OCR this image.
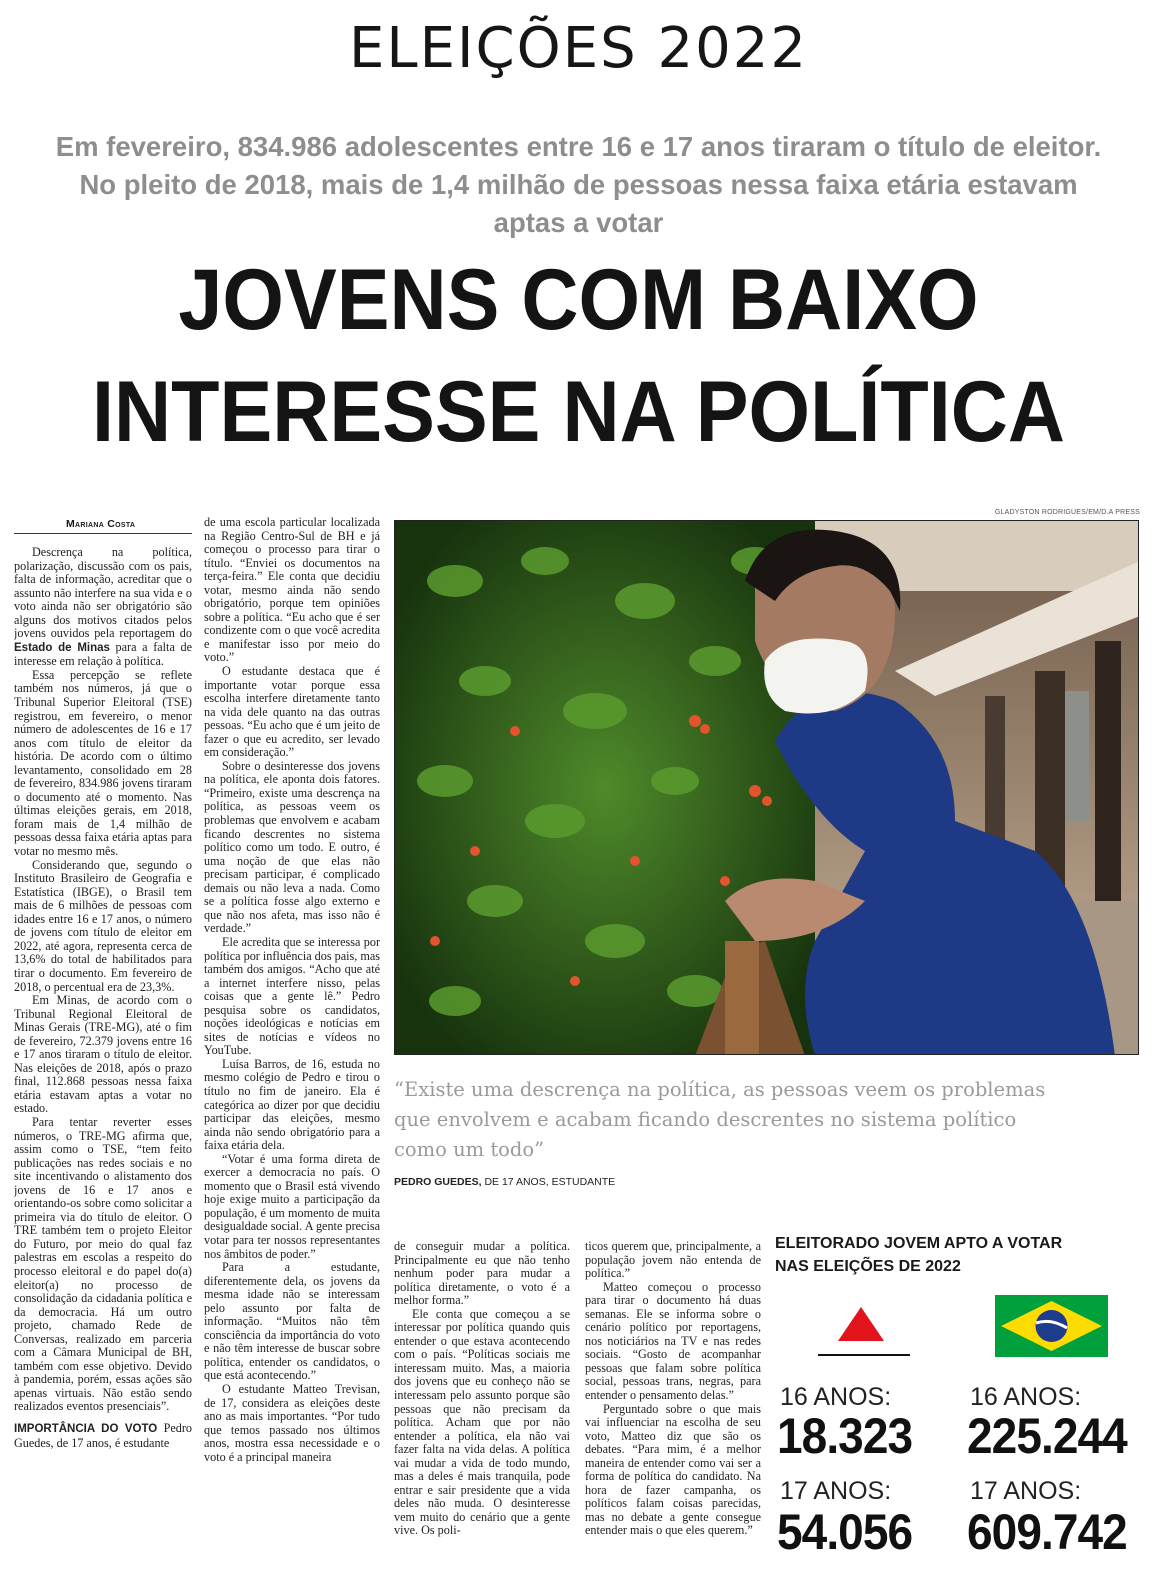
ELEIÇÕES 2022
Em fevereiro, 834.986 adolescentes entre 16 e 17 anos tiraram o título de eleitor. No pleito de 2018, mais de 1,4 milhão de pessoas nessa faixa etária estavam aptas a votar
JOVENS COM BAIXO
INTERESSE NA POLÍTICA
Mariana Costa

Descrença na política, polarização, discussão com os pais, falta de informação, acreditar que o assunto não interfere na sua vida e o voto ainda não ser obrigatório são alguns dos motivos citados pelos jovens ouvidos pela reportagem do Estado de Minas para a falta de interesse em relação à política.

Essa percepção se reflete também nos números, já que o Tribunal Superior Eleitoral (TSE) registrou, em fevereiro, o menor número de adolescentes de 16 e 17 anos com título de eleitor da história. De acordo com o último levantamento, consolidado em 28 de fevereiro, 834.986 jovens tiraram o documento até o momento. Nas últimas eleições gerais, em 2018, foram mais de 1,4 milhão de pessoas dessa faixa etária aptas para votar no mesmo mês.

Considerando que, segundo o Instituto Brasileiro de Geografia e Estatística (IBGE), o Brasil tem mais de 6 milhões de pessoas com idades entre 16 e 17 anos, o número de jovens com título de eleitor em 2022, até agora, representa cerca de 13,6% do total de habilitados para tirar o documento. Em fevereiro de 2018, o percentual era de 23,3%.

Em Minas, de acordo com o Tribunal Regional Eleitoral de Minas Gerais (TRE-MG), até o fim de fevereiro, 72.379 jovens entre 16 e 17 anos tiraram o título de eleitor. Nas eleições de 2018, após o prazo final, 112.868 pessoas nessa faixa etária estavam aptas a votar no estado.

Para tentar reverter esses números, o TRE-MG afirma que, assim como o TSE, “tem feito publicações nas redes sociais e no site incentivando o alistamento dos jovens de 16 e 17 anos e orientando-os sobre como solicitar a primeira via do título de eleitor. O TRE também tem o projeto Eleitor do Futuro, por meio do qual faz palestras em escolas a respeito do processo eleitoral e do papel do(a) eleitor(a) no processo de consolidação da cidadania política e da democracia. Há um outro projeto, chamado Rede de Conversas, realizado em parceria com a Câmara Municipal de BH, também com esse objetivo. Devido à pandemia, porém, essas ações são apenas virtuais. Não estão sendo realizados eventos presenciais”.

IMPORTÂNCIA DO VOTO Pedro Guedes, de 17 anos, é estudante

de uma escola particular localizada na Região Centro-Sul de BH e já começou o processo para tirar o título. “Enviei os documentos na terça-feira.” Ele conta que decidiu votar, mesmo ainda não sendo obrigatório, porque tem opiniões sobre a política. “Eu acho que é ser condizente com o que você acredita e manifestar isso por meio do voto.”

O estudante destaca que é importante votar porque essa escolha interfere diretamente tanto na vida dele quanto na das outras pessoas. “Eu acho que é um jeito de fazer o que eu acredito, ser levado em consideração.”

Sobre o desinteresse dos jovens na política, ele aponta dois fatores. “Primeiro, existe uma descrença na política, as pessoas veem os problemas que envolvem e acabam ficando descrentes no sistema político como um todo. E outro, é uma noção de que elas não precisam participar, é complicado demais ou não leva a nada. Como se a política fosse algo externo e que não nos afeta, mas isso não é verdade.”

Ele acredita que se interessa por política por influência dos pais, mas também dos amigos. “Acho que até a internet interfere nisso, pelas coisas que a gente lê.” Pedro pesquisa sobre os candidatos, noções ideológicas e notícias em sites de notícias e vídeos no YouTube.

Luísa Barros, de 16, estuda no mesmo colégio de Pedro e tirou o título no fim de janeiro. Ela é categórica ao dizer por que decidiu participar das eleições, mesmo ainda não sendo obrigatório para a faixa etária dela.

“Votar é uma forma direta de exercer a democracia no país. O momento que o Brasil está vivendo hoje exige muito a participação da população, é um momento de muita desigualdade social. A gente precisa votar para ter nossos representantes nos âmbitos de poder.”

Para a estudante, diferentemente dela, os jovens da mesma idade não se interessam pelo assunto por falta de informação. “Muitos não têm consciência da importância do voto e não têm interesse de buscar sobre política, entender os candidatos, o que está acontecendo.”

O estudante Matteo Trevisan, de 17, considera as eleições deste ano as mais importantes. “Por tudo que temos passado nos últimos anos, mostra essa necessidade e o voto é a principal maneira

GLADYSTON RODRIGUES/EM/D.A PRESS
“Existe uma descrença na política, as pessoas veem os problemas que envolvem e acabam ficando descrentes no sistema político como um todo”
PEDRO GUEDES, DE 17 ANOS, ESTUDANTE

de conseguir mudar a política. Principalmente eu que não tenho nenhum poder para mudar a política diretamente, o voto é a melhor forma.”

Ele conta que começou a se interessar por política quando quis entender o que estava acontecendo com o país. “Políticas sociais me interessam muito. Mas, a maioria dos jovens que eu conheço não se interessam pelo assunto porque são pessoas que não precisam da política. Acham que por não entender a política, ela não vai fazer falta na vida delas. A política vai mudar a vida de todo mundo, mas a deles é mais tranquila, pode entrar e sair presidente que a vida deles não muda. O desinteresse vem muito do cenário que a gente vive. Os poli-

ticos querem que, principalmente, a população jovem não entenda de política.”

Matteo começou o processo para tirar o documento há duas semanas. Ele se informa sobre o cenário político por reportagens, nos noticiários na TV e nas redes sociais. “Gosto de acompanhar pessoas que falam sobre política social, pessoas trans, negras, para entender o pensamento delas.”

Perguntado sobre o que mais vai influenciar na escolha de seu voto, Matteo diz que são os debates. “Para mim, é a melhor maneira de entender como vai ser a forma de política do candidato. Na hora de fazer campanha, os políticos falam coisas parecidas, mas no debate a gente consegue entender mais o que eles querem.”

ELEITORADO JOVEM APTO A VOTAR NAS ELEIÇÕES DE 2022
16 ANOS:
18.323
17 ANOS:
54.056
16 ANOS:
225.244
17 ANOS:
609.742
